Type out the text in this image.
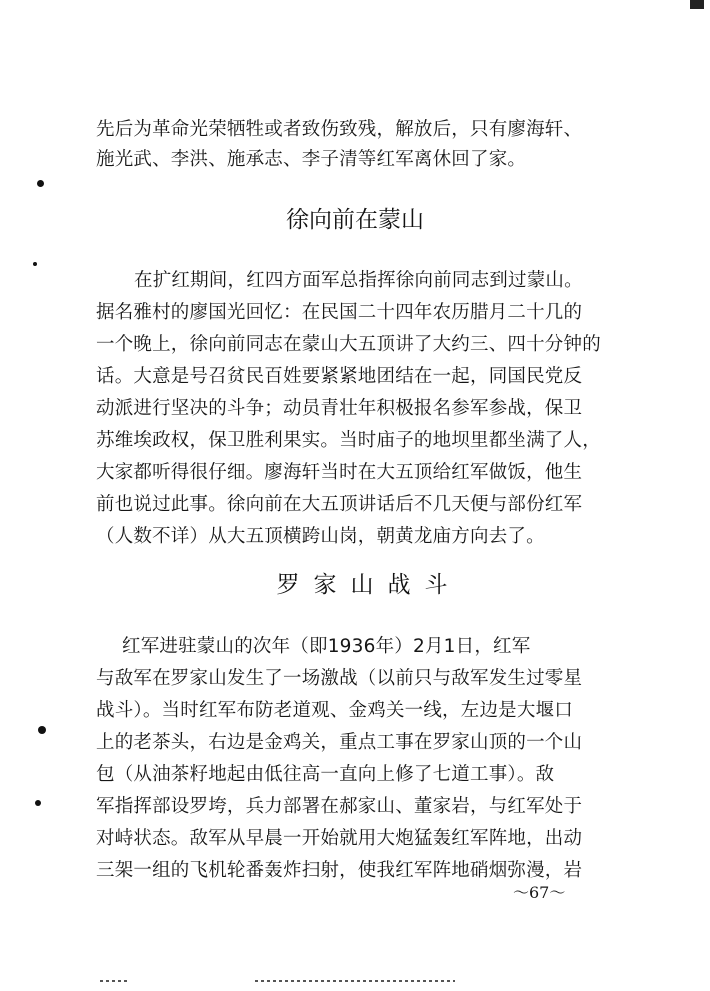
先后为革命光荣牺牲或者致伤致残，解放后，只有廖海轩、
施光武、李洪、施承志、李子清等红军离休回了家。
徐向前在蒙山
在扩红期间，红四方面军总指挥徐向前同志到过蒙山。
据名雅村的廖国光回忆：在民国二十四年农历腊月二十几的
一个晚上，徐向前同志在蒙山大五顶讲了大约三、四十分钟的
话。大意是号召贫民百姓要紧紧地团结在一起，同国民党反
动派进行坚决的斗争；动员青壮年积极报名参军参战，保卫
苏维埃政权，保卫胜利果实。当时庙子的地坝里都坐满了人，
大家都听得很仔细。廖海轩当时在大五顶给红军做饭，他生
前也说过此事。徐向前在大五顶讲话后不几天便与部份红军
（人数不详）从大五顶横跨山岗，朝黄龙庙方向去了。
罗家山战斗
红军进驻蒙山的次年（即1936年）2月1日，红军
与敌军在罗家山发生了一场激战（以前只与敌军发生过零星
战斗）。当时红军布防老道观、金鸡关一线，左边是大堰口
上的老茶头，右边是金鸡关，重点工事在罗家山顶的一个山
包（从油茶籽地起由低往高一直向上修了七道工事）。敌
军指挥部设罗垮，兵力部署在郝家山、董家岩，与红军处于
对峙状态。敌军从早晨一开始就用大炮猛轰红军阵地，出动
三架一组的飞机轮番轰炸扫射，使我红军阵地硝烟弥漫，岩
～67～
